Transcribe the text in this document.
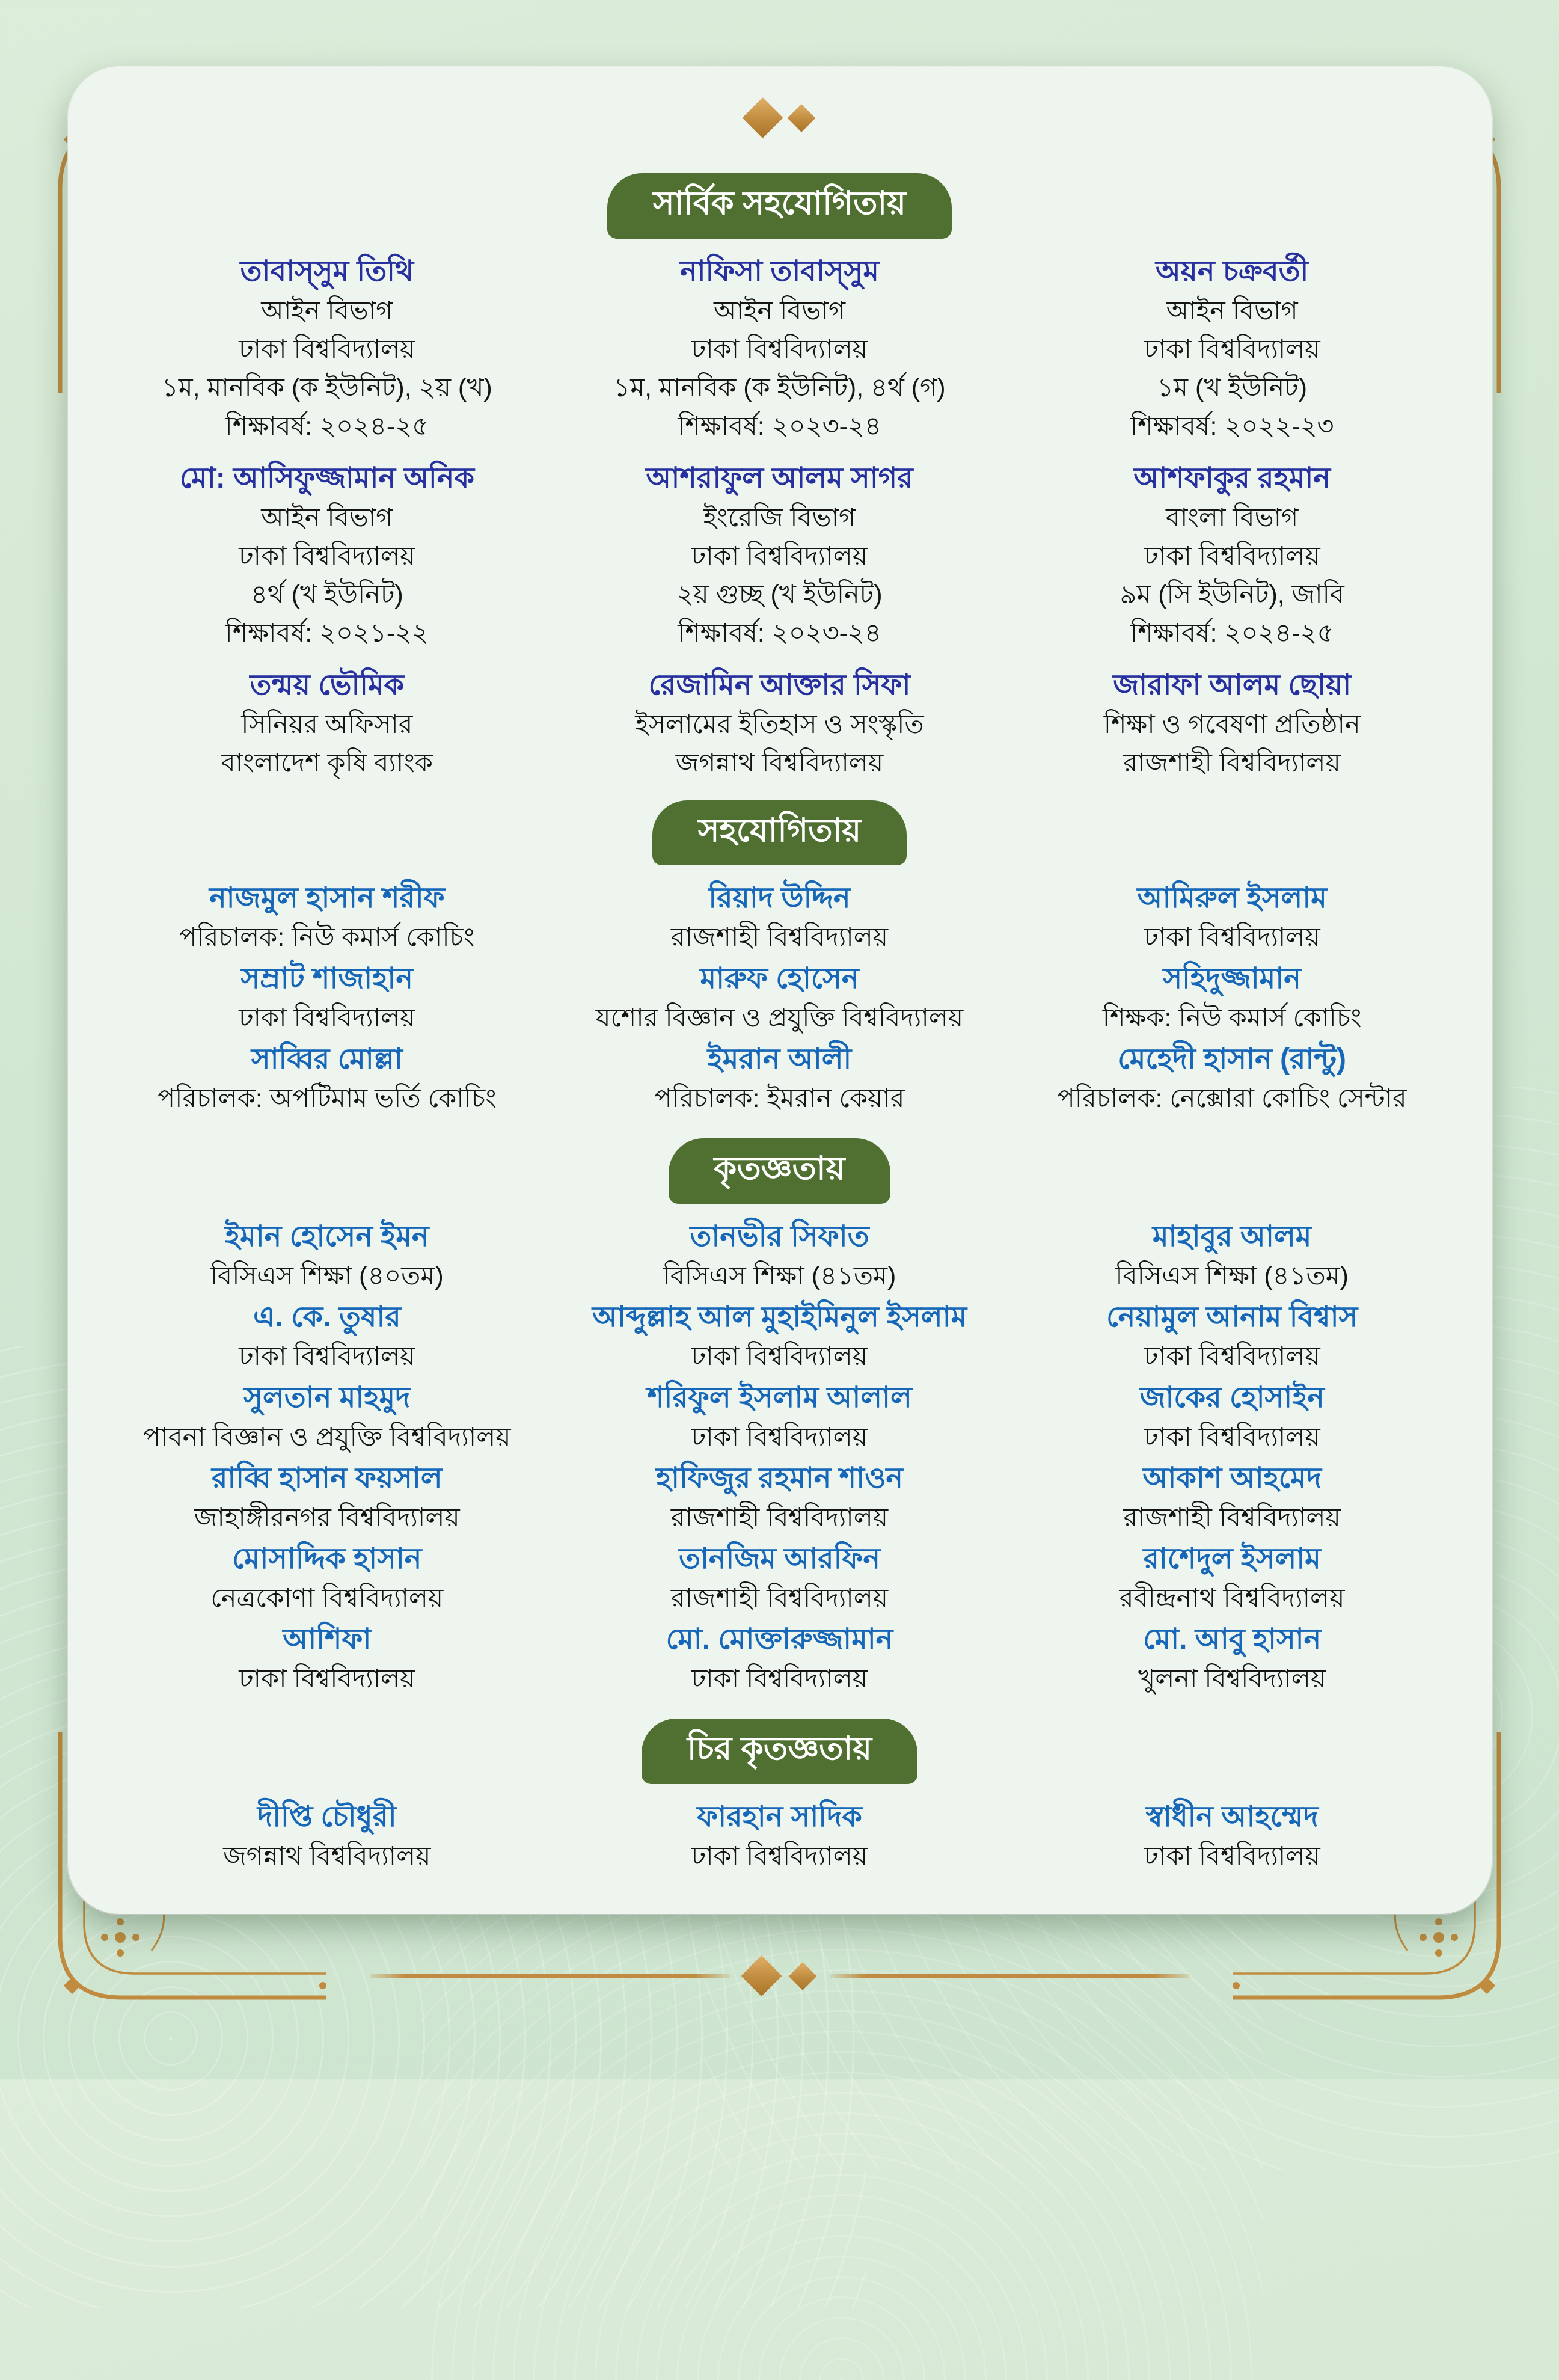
সার্বিক সহযোগিতায়
তাবাস্সুম তিথি
আইন বিভাগ
ঢাকা বিশ্ববিদ্যালয়
১ম, মানবিক (ক ইউনিট), ২য় (খ)
শিক্ষাবর্ষ: ২০২৪-২৫
মো: আসিফুজ্জামান অনিক
আইন বিভাগ
ঢাকা বিশ্ববিদ্যালয়
৪র্থ (খ ইউনিট)
শিক্ষাবর্ষ: ২০২১-২২
তন্ময় ভৌমিক
সিনিয়র অফিসার
বাংলাদেশ কৃষি ব্যাংক
নাফিসা তাবাস্সুম
আইন বিভাগ
ঢাকা বিশ্ববিদ্যালয়
১ম, মানবিক (ক ইউনিট), ৪র্থ (গ)
শিক্ষাবর্ষ: ২০২৩-২৪
আশরাফুল আলম সাগর
ইংরেজি বিভাগ
ঢাকা বিশ্ববিদ্যালয়
২য় গুচ্ছ (খ ইউনিট)
শিক্ষাবর্ষ: ২০২৩-২৪
রেজামিন আক্তার সিফা
ইসলামের ইতিহাস ও সংস্কৃতি
জগন্নাথ বিশ্ববিদ্যালয়
অয়ন চক্রবর্তী
আইন বিভাগ
ঢাকা বিশ্ববিদ্যালয়
১ম (খ ইউনিট)
শিক্ষাবর্ষ: ২০২২-২৩
আশফাকুর রহমান
বাংলা বিভাগ
ঢাকা বিশ্ববিদ্যালয়
৯ম (সি ইউনিট), জাবি
শিক্ষাবর্ষ: ২০২৪-২৫
জারাফা আলম ছোয়া
শিক্ষা ও গবেষণা প্রতিষ্ঠান
রাজশাহী বিশ্ববিদ্যালয়
সহযোগিতায়
নাজমুল হাসান শরীফ
পরিচালক: নিউ কমার্স কোচিং
সম্রাট শাজাহান
ঢাকা বিশ্ববিদ্যালয়
সাব্বির মোল্লা
পরিচালক: অপটিমাম ভর্তি কোচিং
রিয়াদ উদ্দিন
রাজশাহী বিশ্ববিদ্যালয়
মারুফ হোসেন
যশোর বিজ্ঞান ও প্রযুক্তি বিশ্ববিদ্যালয়
ইমরান আলী
পরিচালক: ইমরান কেয়ার
আমিরুল ইসলাম
ঢাকা বিশ্ববিদ্যালয়
সহিদুজ্জামান
শিক্ষক: নিউ কমার্স কোচিং
মেহেদী হাসান (রান্টু)
পরিচালক: নেক্সোরা কোচিং সেন্টার
কৃতজ্ঞতায়
ইমান হোসেন ইমন
বিসিএস শিক্ষা (৪০তম)
এ. কে. তুষার
ঢাকা বিশ্ববিদ্যালয়
সুলতান মাহমুদ
পাবনা বিজ্ঞান ও প্রযুক্তি বিশ্ববিদ্যালয়
রাব্বি হাসান ফয়সাল
জাহাঙ্গীরনগর বিশ্ববিদ্যালয়
মোসাদ্দিক হাসান
নেত্রকোণা বিশ্ববিদ্যালয়
আশিফা
ঢাকা বিশ্ববিদ্যালয়
তানভীর সিফাত
বিসিএস শিক্ষা (৪১তম)
আব্দুল্লাহ আল মুহাইমিনুল ইসলাম
ঢাকা বিশ্ববিদ্যালয়
শরিফুল ইসলাম আলাল
ঢাকা বিশ্ববিদ্যালয়
হাফিজুর রহমান শাওন
রাজশাহী বিশ্ববিদ্যালয়
তানজিম আরফিন
রাজশাহী বিশ্ববিদ্যালয়
মো. মোক্তারুজ্জামান
ঢাকা বিশ্ববিদ্যালয়
মাহাবুর আলম
বিসিএস শিক্ষা (৪১তম)
নেয়ামুল আনাম বিশ্বাস
ঢাকা বিশ্ববিদ্যালয়
জাকের হোসাইন
ঢাকা বিশ্ববিদ্যালয়
আকাশ আহমেদ
রাজশাহী বিশ্ববিদ্যালয়
রাশেদুল ইসলাম
রবীন্দ্রনাথ বিশ্ববিদ্যালয়
মো. আবু হাসান
খুলনা বিশ্ববিদ্যালয়
চির কৃতজ্ঞতায়
দীপ্তি চৌধুরী
জগন্নাথ বিশ্ববিদ্যালয়
ফারহান সাদিক
ঢাকা বিশ্ববিদ্যালয়
স্বাধীন আহম্মেদ
ঢাকা বিশ্ববিদ্যালয়
